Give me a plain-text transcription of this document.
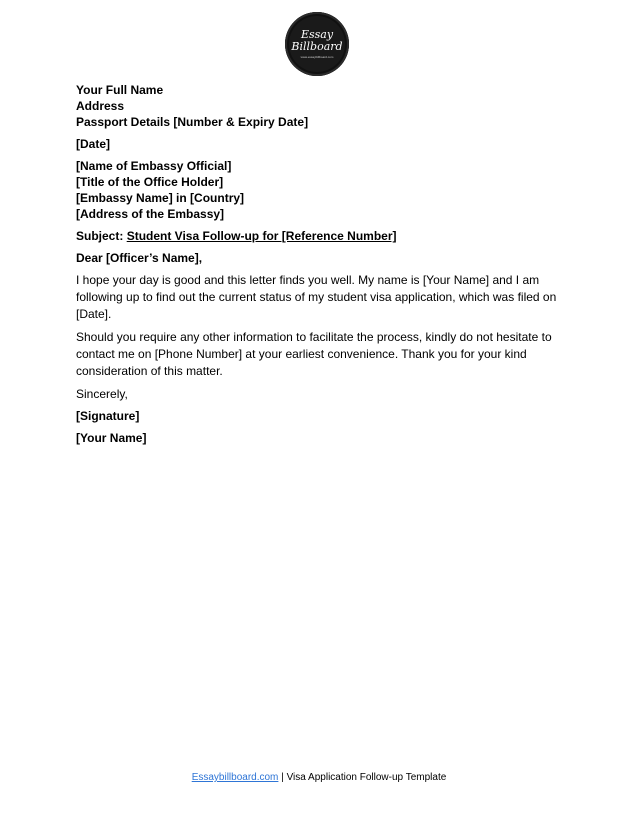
Essay
Billboard
www.essaybillboard.com
Your Full Name
Address
Passport Details [Number & Expiry Date]
[Date]
[Name of Embassy Official]
[Title of the Office Holder]
[Embassy Name] in [Country]
[Address of the Embassy]
Subject: Student Visa Follow-up for [Reference Number]
Dear [Officer’s Name],
I hope your day is good and this letter finds you well. My name is [Your Name] and I am following up to find out the current status of my student visa application, which was filed on [Date].
Should you require any other information to facilitate the process, kindly do not hesitate to contact me on [Phone Number] at your earliest convenience. Thank you for your kind consideration of this matter.
Sincerely,
[Signature]
[Your Name]
Essaybillboard.com | Visa Application Follow-up Template
